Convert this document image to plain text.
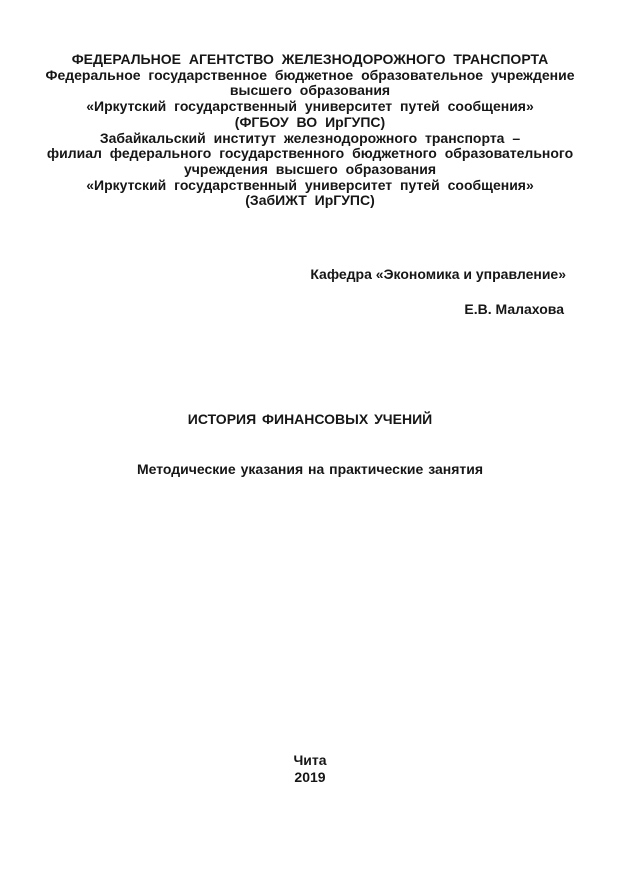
ФЕДЕРАЛЬНОЕ АГЕНТСТВО ЖЕЛЕЗНОДОРОЖНОГО ТРАНСПОРТА
Федеральное государственное бюджетное образовательное учреждение
высшего образования
«Иркутский государственный университет путей сообщения»
(ФГБОУ ВО ИрГУПС)
Забайкальский институт железнодорожного транспорта –
филиал федерального государственного бюджетного образовательного
учреждения высшего образования
«Иркутский государственный университет путей сообщения»
(ЗабИЖТ ИрГУПС)
Кафедра «Экономика и управление»
Е.В. Малахова
ИСТОРИЯ ФИНАНСОВЫХ УЧЕНИЙ
Методические указания на практические занятия
Чита
2019
